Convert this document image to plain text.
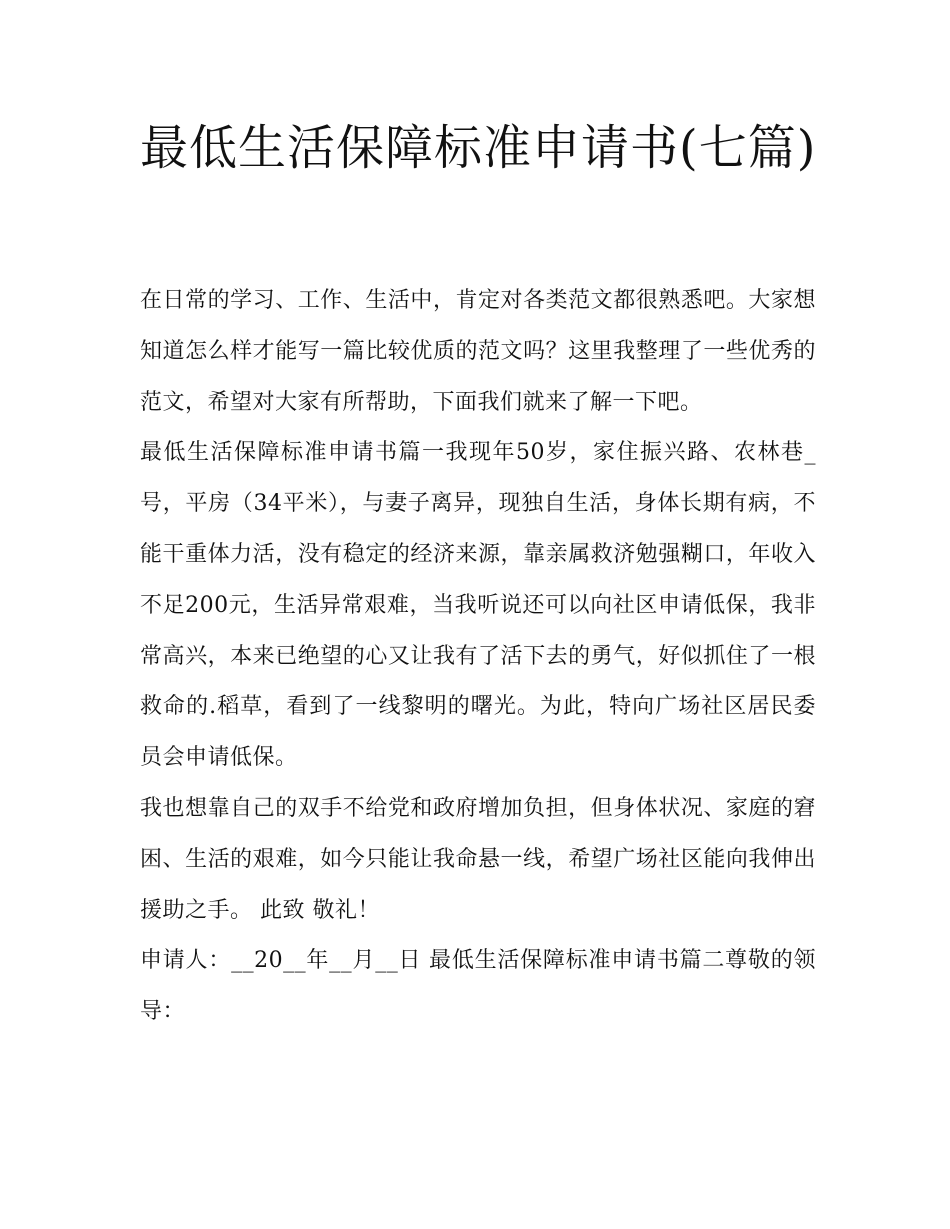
最低生活保障标准申请书(七篇)

在日常的学习、工作、生活中，肯定对各类范文都很熟悉吧。大家想知道怎么样才能写一篇比较优质的范文吗？这里我整理了一些优秀的范文，希望对大家有所帮助，下面我们就来了解一下吧。

最低生活保障标准申请书篇一我现年50岁，家住振兴路、农林巷_号，平房（34平米），与妻子离异，现独自生活，身体长期有病，不能干重体力活，没有稳定的经济来源，靠亲属救济勉强糊口，年收入不足200元，生活异常艰难，当我听说还可以向社区申请低保，我非常高兴，本来已绝望的心又让我有了活下去的勇气，好似抓住了一根救命的.稻草，看到了一线黎明的曙光。为此，特向广场社区居民委员会申请低保。

我也想靠自己的双手不给党和政府增加负担，但身体状况、家庭的窘困、生活的艰难，如今只能让我命悬一线，希望广场社区能向我伸出援助之手。 此致 敬礼！

申请人：__20__年__月__日 最低生活保障标准申请书篇二尊敬的领导：
